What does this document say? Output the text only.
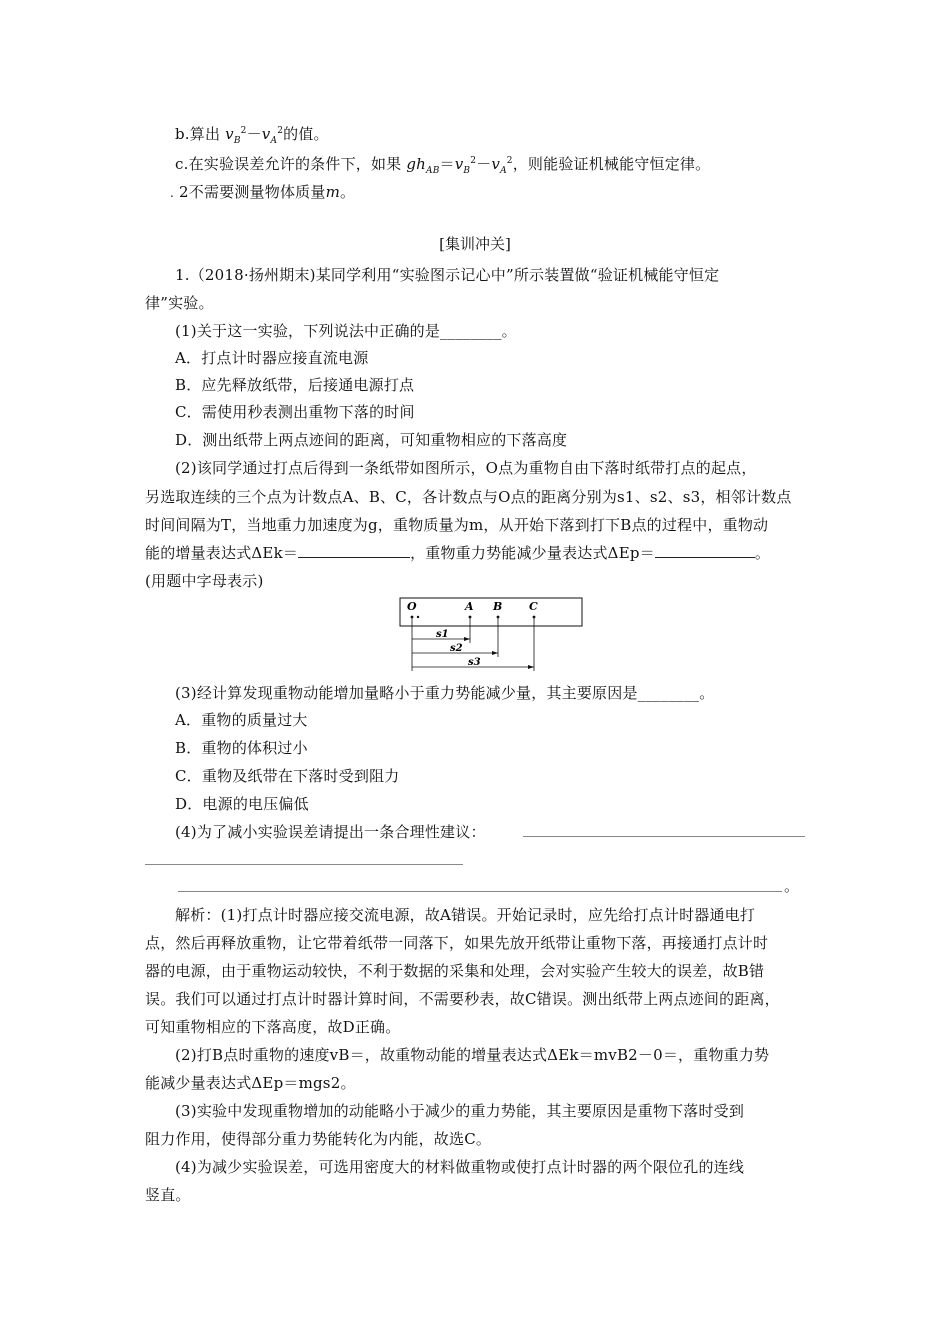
b.算出 $v_B^2-v_A^2$的值。
c.在实验误差允许的条件下，如果 $gh_{AB}=v_B^2-v_A^2$，则能验证机械能守恒定律。
. 2不需要测量物体质量m。
[集训冲关]
1.（2018·扬州期末)某同学利用“实验图示记心中”所示装置做“验证机械能守恒定
律”实验。
(1)关于这一实验，下列说法中正确的是________。
A．打点计时器应接直流电源
B．应先释放纸带，后接通电源打点
C．需使用秒表测出重物下落的时间
D．测出纸带上两点迹间的距离，可知重物相应的下落高度
(2)该同学通过打点后得到一条纸带如图所示，O点为重物自由下落时纸带打点的起点，
另选取连续的三个点为计数点A、B、C，各计数点与O点的距离分别为s1、s2、s3，相邻计数点
时间间隔为T，当地重力加速度为g，重物质量为m，从开始下落到打下B点的过程中，重物动
能的增量表达式ΔEk＝	，重物重力势能减少量表达式ΔEp＝	。
(用题中字母表示)
O	A B C
s1
s2
s3
(3)经计算发现重物动能增加量略小于重力势能减少量，其主要原因是________。
A．重物的质量过大
B．重物的体积过小
C．重物及纸带在下落时受到阻力
D．电源的电压偏低
(4)为了减小实验误差请提出一条合理性建议：
。
解析：(1)打点计时器应接交流电源，故A错误。开始记录时，应先给打点计时器通电打
点，然后再释放重物，让它带着纸带一同落下，如果先放开纸带让重物下落，再接通打点计时
器的电源，由于重物运动较快，不利于数据的采集和处理，会对实验产生较大的误差，故B错
误。我们可以通过打点计时器计算时间，不需要秒表，故C错误。测出纸带上两点迹间的距离，
可知重物相应的下落高度，故D正确。
(2)打B点时重物的速度vB＝，故重物动能的增量表达式ΔEk＝mvB2－0＝，重物重力势
能减少量表达式ΔEp＝mgs2。
(3)实验中发现重物增加的动能略小于减少的重力势能，其主要原因是重物下落时受到
阻力作用，使得部分重力势能转化为内能，故选C。
(4)为减少实验误差，可选用密度大的材料做重物或使打点计时器的两个限位孔的连线
竖直。
